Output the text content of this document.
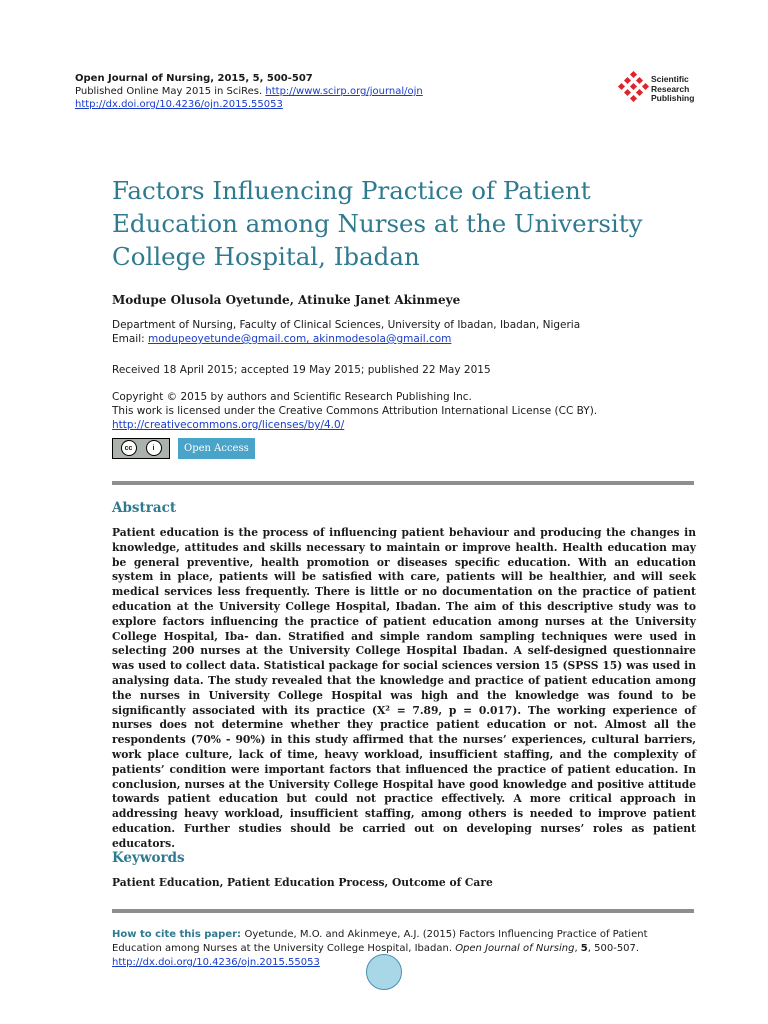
Open Journal of Nursing, 2015, 5, 500-507
Published Online May 2015 in SciRes. http://www.scirp.org/journal/ojn
http://dx.doi.org/10.4236/ojn.2015.55053
Scientific
Research
Publishing
Factors Influencing Practice of Patient Education among Nurses at the University College Hospital, Ibadan
Modupe Olusola Oyetunde, Atinuke Janet Akinmeye
Department of Nursing, Faculty of Clinical Sciences, University of Ibadan, Ibadan, Nigeria
Email: modupeoyetunde@gmail.com, akinmodesola@gmail.com
Received 18 April 2015; accepted 19 May 2015; published 22 May 2015
Copyright © 2015 by authors and Scientific Research Publishing Inc.
This work is licensed under the Creative Commons Attribution International License (CC BY).
http://creativecommons.org/licenses/by/4.0/
cc	i	Open Access
Abstract

Patient education is the process of influencing patient behaviour and producing the changes in knowledge, attitudes and skills necessary to maintain or improve health. Health education may be general preventive, health promotion or diseases specific education. With an education system in place, patients will be satisfied with care, patients will be healthier, and will seek medical services less frequently. There is little or no documentation on the practice of patient education at the University College Hospital, Ibadan. The aim of this descriptive study was to explore factors influencing the practice of patient education among nurses at the University College Hospital, Iba- dan. Stratified and simple random sampling techniques were used in selecting 200 nurses at the University College Hospital Ibadan. A self-designed questionnaire was used to collect data. Statistical package for social sciences version 15 (SPSS 15) was used in analysing data. The study revealed that the knowledge and practice of patient education among the nurses in University College Hospital was high and the knowledge was found to be significantly associated with its practice (X² = 7.89, p = 0.017). The working experience of nurses does not determine whether they practice patient education or not. Almost all the respondents (70% - 90%) in this study affirmed that the nurses’ experiences, cultural barriers, work place culture, lack of time, heavy workload, insufficient staffing, and the complexity of patients’ condition were important factors that influenced the practice of patient education. In conclusion, nurses at the University College Hospital have good knowledge and positive attitude towards patient education but could not practice effectively. A more critical approach in addressing heavy workload, insufficient staffing, among others is needed to improve patient education. Further studies should be carried out on developing nurses’ roles as patient educators.

Keywords

Patient Education, Patient Education Process, Outcome of Care

How to cite this paper: Oyetunde, M.O. and Akinmeye, A.J. (2015) Factors Influencing Practice of Patient Education among Nurses at the University College Hospital, Ibadan. Open Journal of Nursing, 5, 500-507.
http://dx.doi.org/10.4236/ojn.2015.55053
